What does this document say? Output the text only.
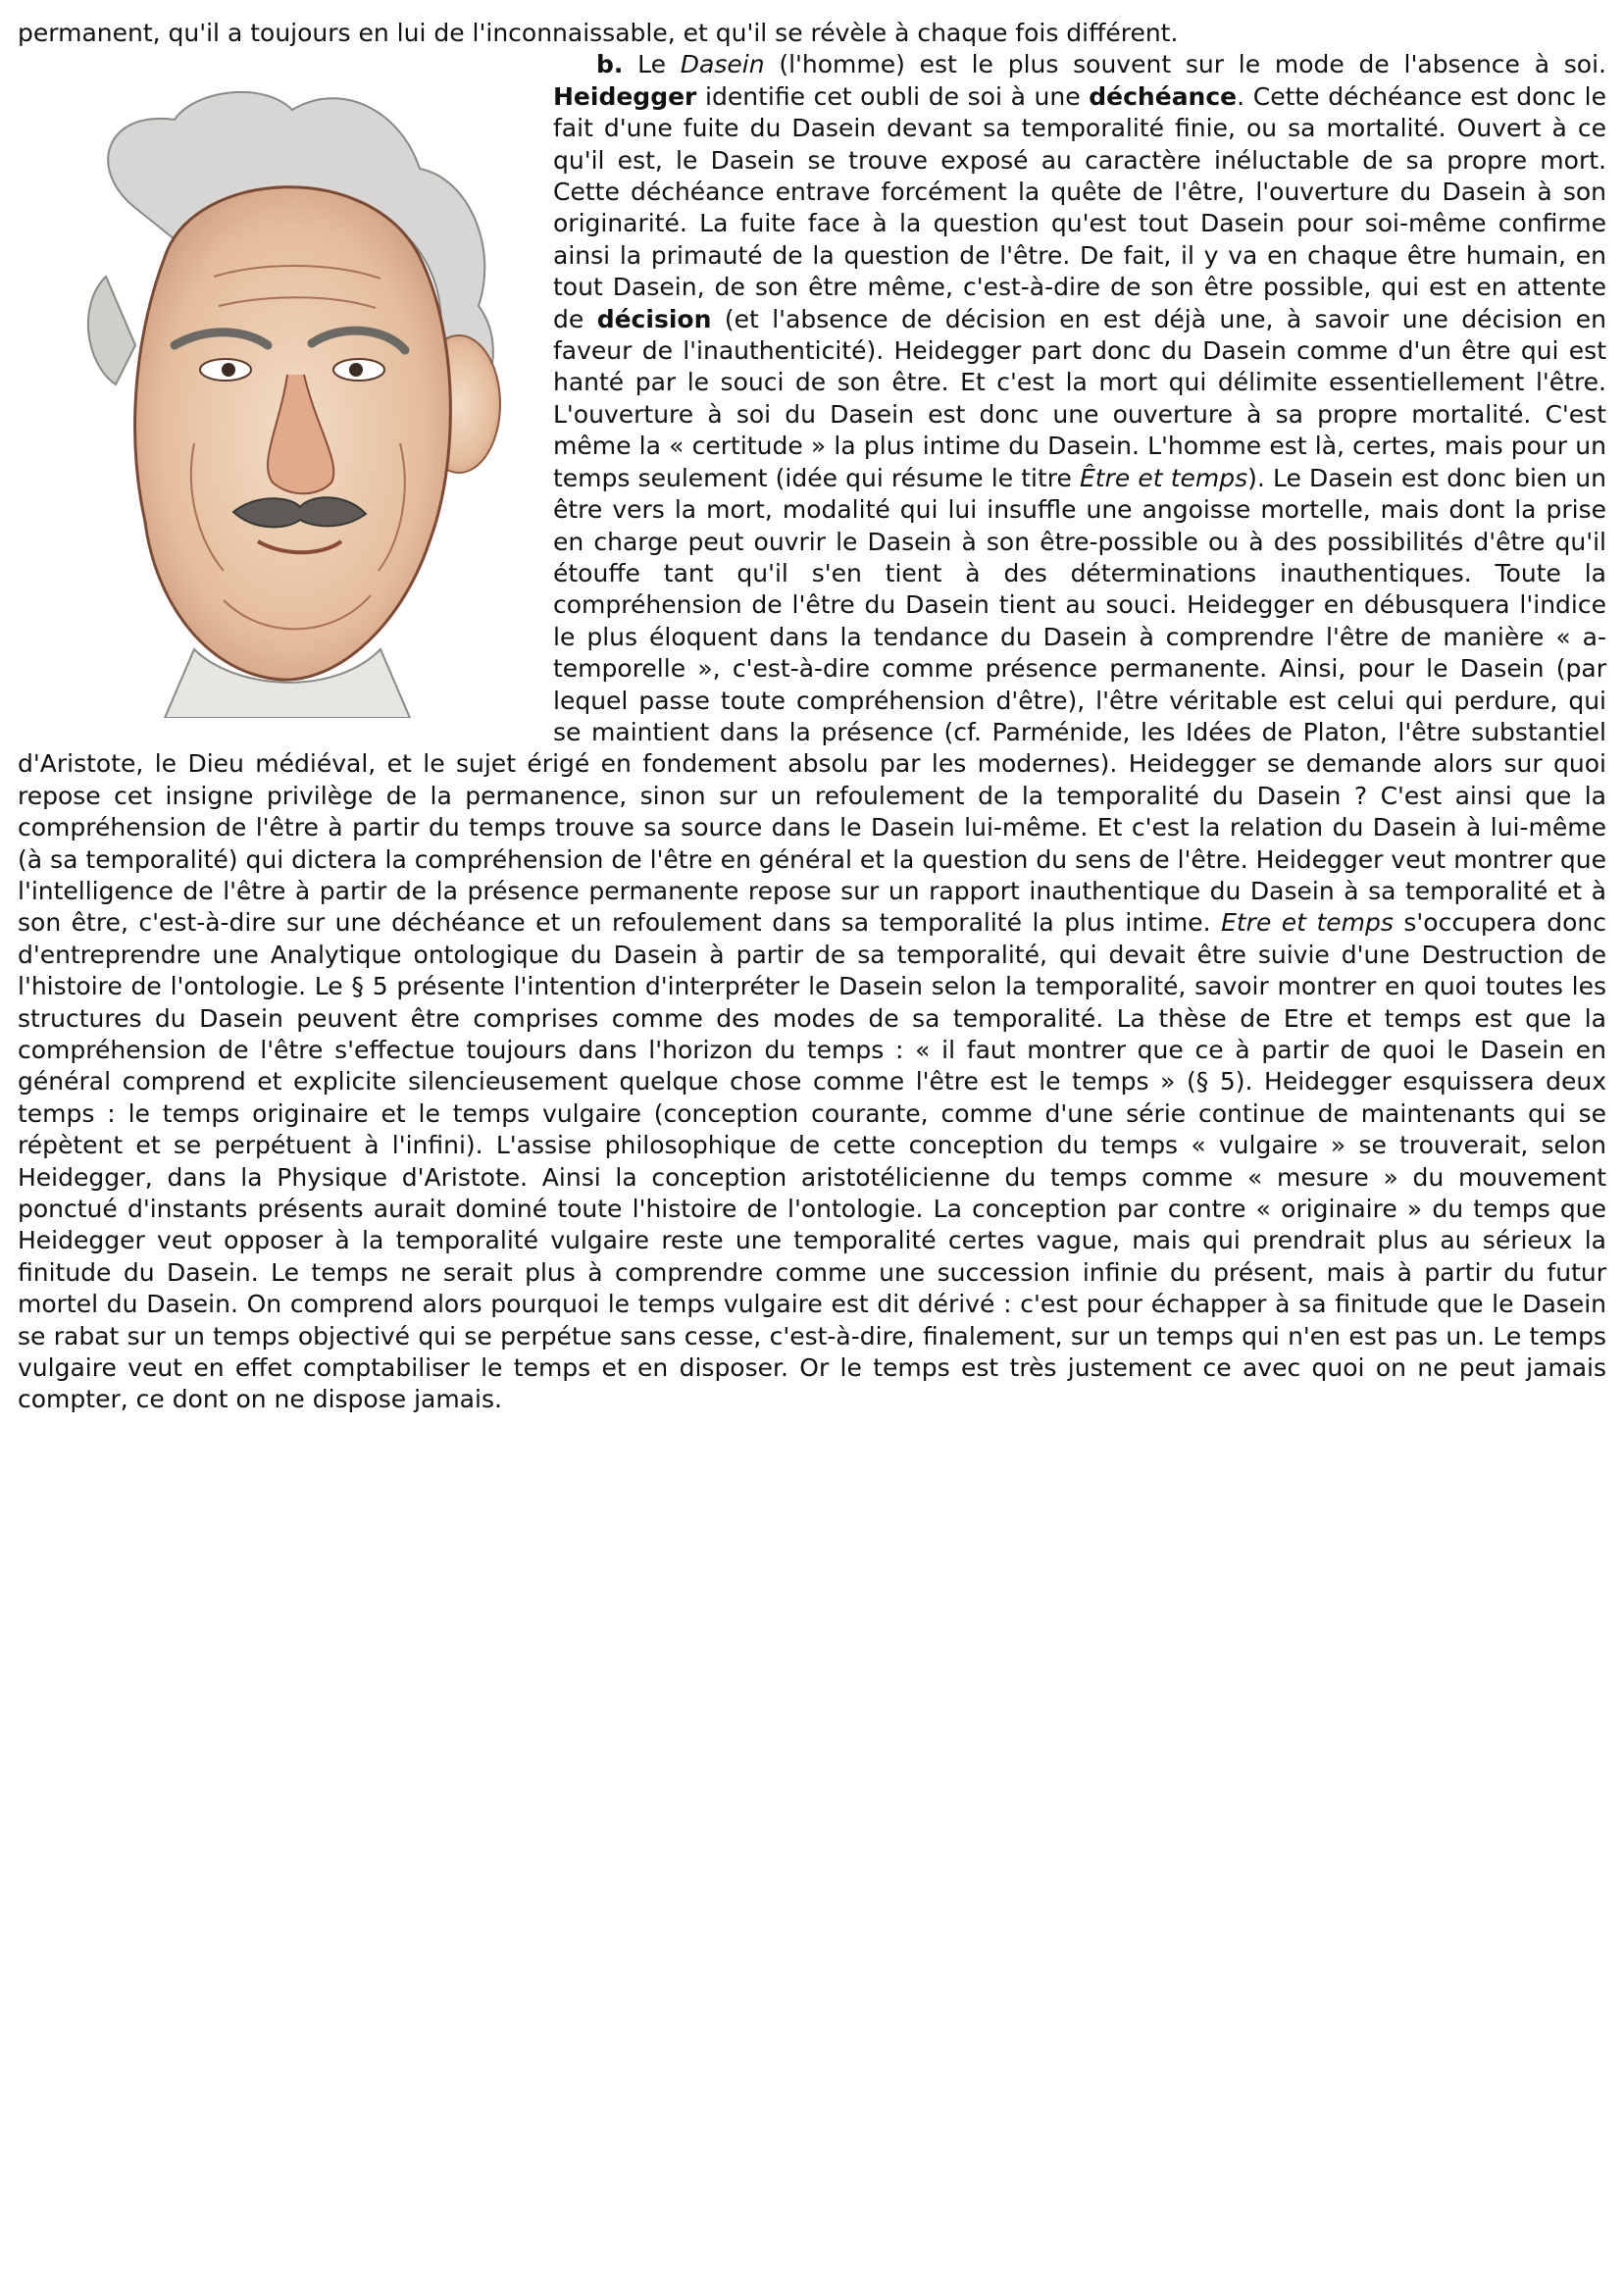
permanent, qu'il a toujours en lui de l'inconnaissable, et qu'il se révèle à chaque fois différent.

b. Le Dasein (l'homme) est le plus souvent sur le mode de l'absence à soi. Heidegger identifie cet oubli de soi à une déchéance. Cette déchéance est donc le fait d'une fuite du Dasein devant sa temporalité finie, ou sa mortalité. Ouvert à ce qu'il est, le Dasein se trouve exposé au caractère inéluctable de sa propre mort. Cette déchéance entrave forcément la quête de l'être, l'ouverture du Dasein à son originarité. La fuite face à la question qu'est tout Dasein pour soi-même confirme ainsi la primauté de la question de l'être. De fait, il y va en chaque être humain, en tout Dasein, de son être même, c'est-à-dire de son être possible, qui est en attente de décision (et l'absence de décision en est déjà une, à savoir une décision en faveur de l'inauthenticité). Heidegger part donc du Dasein comme d'un être qui est hanté par le souci de son être. Et c'est la mort qui délimite essentiellement l'être. L'ouverture à soi du Dasein est donc une ouverture à sa propre mortalité. C'est même la « certitude » la plus intime du Dasein. L'homme est là, certes, mais pour un temps seulement (idée qui résume le titre Être et temps). Le Dasein est donc bien un être vers la mort, modalité qui lui insuffle une angoisse mortelle, mais dont la prise en charge peut ouvrir le Dasein à son être-possible ou à des possibilités d'être qu'il étouffe tant qu'il s'en tient à des déterminations inauthentiques. Toute la compréhension de l'être du Dasein tient au souci. Heidegger en débusquera l'indice le plus éloquent dans la tendance du Dasein à comprendre l'être de manière « a-temporelle », c'est-à-dire comme présence permanente. Ainsi, pour le Dasein (par lequel passe toute compréhension d'être), l'être véritable est celui qui perdure, qui se maintient dans la présence (cf. Parménide, les Idées de Platon, l'être substantiel d'Aristote, le Dieu médiéval, et le sujet érigé en fondement absolu par les modernes). Heidegger se demande alors sur quoi repose cet insigne privilège de la permanence, sinon sur un refoulement de la temporalité du Dasein ? C'est ainsi que la compréhension de l'être à partir du temps trouve sa source dans le Dasein lui-même. Et c'est la relation du Dasein à lui-même (à sa temporalité) qui dictera la compréhension de l'être en général et la question du sens de l'être. Heidegger veut montrer que l'intelligence de l'être à partir de la présence permanente repose sur un rapport inauthentique du Dasein à sa temporalité et à son être, c'est-à-dire sur une déchéance et un refoulement dans sa temporalité la plus intime. Etre et temps s'occupera donc d'entreprendre une Analytique ontologique du Dasein à partir de sa temporalité, qui devait être suivie d'une Destruction de l'histoire de l'ontologie. Le § 5 présente l'intention d'interpréter le Dasein selon la temporalité, savoir montrer en quoi toutes les structures du Dasein peuvent être comprises comme des modes de sa temporalité. La thèse de Etre et temps est que la compréhension de l'être s'effectue toujours dans l'horizon du temps : « il faut montrer que ce à partir de quoi le Dasein en général comprend et explicite silencieusement quelque chose comme l'être est le temps » (§ 5). Heidegger esquissera deux temps : le temps originaire et le temps vulgaire (conception courante, comme d'une série continue de maintenants qui se répètent et se perpétuent à l'infini). L'assise philosophique de cette conception du temps « vulgaire » se trouverait, selon Heidegger, dans la Physique d'Aristote. Ainsi la conception aristotélicienne du temps comme « mesure » du mouvement ponctué d'instants présents aurait dominé toute l'histoire de l'ontologie. La conception par contre « originaire » du temps que Heidegger veut opposer à la temporalité vulgaire reste une temporalité certes vague, mais qui prendrait plus au sérieux la finitude du Dasein. Le temps ne serait plus à comprendre comme une succession infinie du présent, mais à partir du futur mortel du Dasein. On comprend alors pourquoi le temps vulgaire est dit dérivé : c'est pour échapper à sa finitude que le Dasein se rabat sur un temps objectivé qui se perpétue sans cesse, c'est-à-dire, finalement, sur un temps qui n'en est pas un. Le temps vulgaire veut en effet comptabiliser le temps et en disposer. Or le temps est très justement ce avec quoi on ne peut jamais compter, ce dont on ne dispose jamais.
